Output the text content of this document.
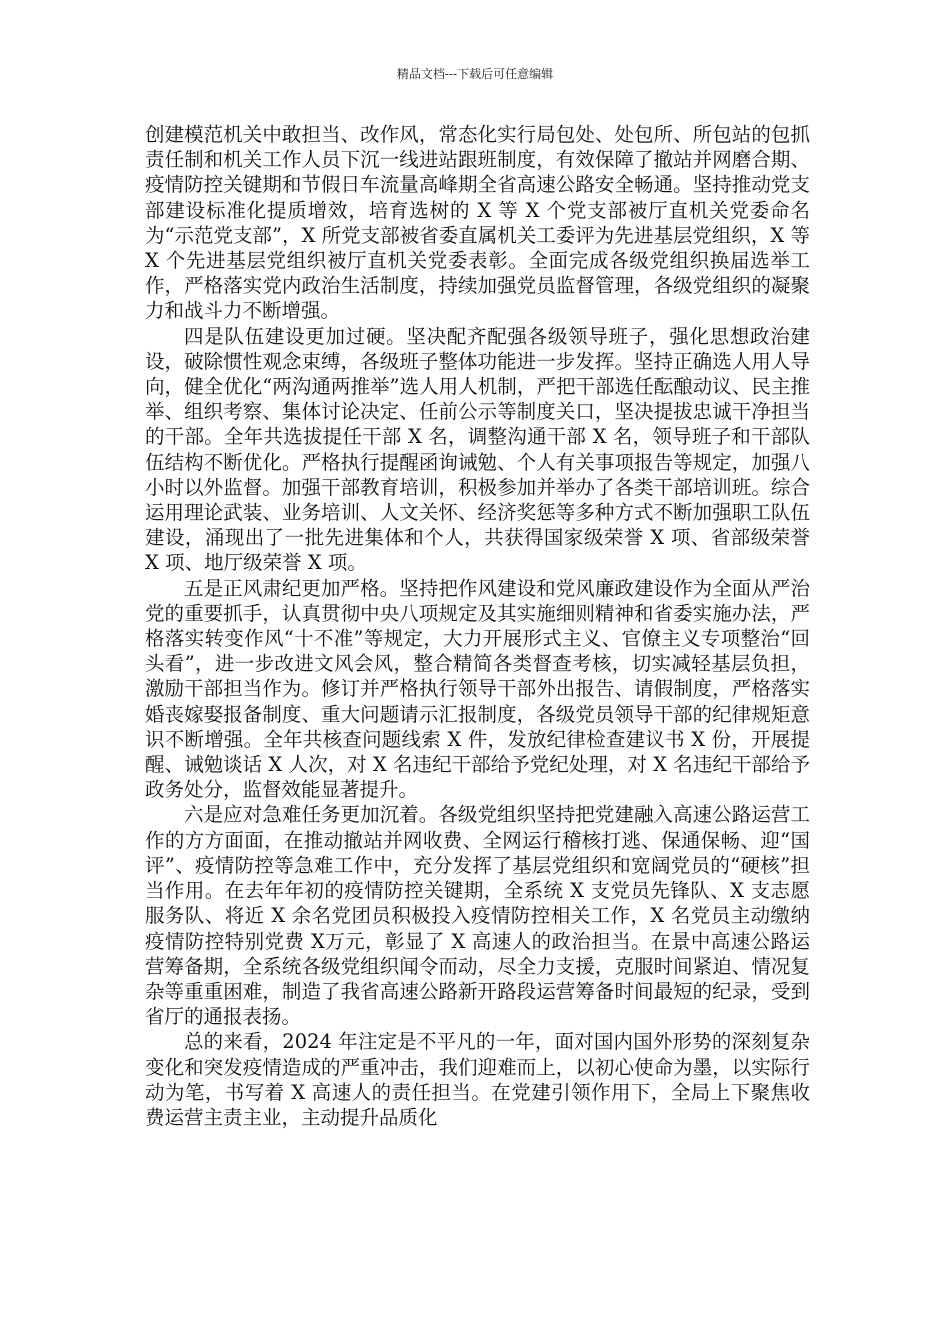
精品文档---下载后可任意编辑

创建模范机关中敢担当、改作风，常态化实行局包处、处包所、所包站的包抓责任制和机关工作人员下沉一线进站跟班制度，有效保障了撤站并网磨合期、疫情防控关键期和节假日车流量高峰期全省高速公路安全畅通。坚持推动党支部建设标准化提质增效，培育选树的 X 等 X 个党支部被厅直机关党委命名为“示范党支部”，X 所党支部被省委直属机关工委评为先进基层党组织，X 等 X 个先进基层党组织被厅直机关党委表彰。全面完成各级党组织换届选举工作，严格落实党内政治生活制度，持续加强党员监督管理，各级党组织的凝聚力和战斗力不断增强。

四是队伍建设更加过硬。坚决配齐配强各级领导班子，强化思想政治建设，破除惯性观念束缚，各级班子整体功能进一步发挥。坚持正确选人用人导向，健全优化“两沟通两推举”选人用人机制，严把干部选任酝酿动议、民主推举、组织考察、集体讨论决定、任前公示等制度关口，坚决提拔忠诚干净担当的干部。全年共选拔提任干部 X 名，调整沟通干部 X 名，领导班子和干部队伍结构不断优化。严格执行提醒函询诫勉、个人有关事项报告等规定，加强八小时以外监督。加强干部教育培训，积极参加并举办了各类干部培训班。综合运用理论武装、业务培训、人文关怀、经济奖惩等多种方式不断加强职工队伍建设，涌现出了一批先进集体和个人，共获得国家级荣誉 X 项、省部级荣誉 X 项、地厅级荣誉 X 项。

五是正风肃纪更加严格。坚持把作风建设和党风廉政建设作为全面从严治党的重要抓手，认真贯彻中央八项规定及其实施细则精神和省委实施办法，严格落实转变作风“十不准”等规定，大力开展形式主义、官僚主义专项整治“回头看”，进一步改进文风会风，整合精简各类督查考核，切实减轻基层负担，激励干部担当作为。修订并严格执行领导干部外出报告、请假制度，严格落实婚丧嫁娶报备制度、重大问题请示汇报制度，各级党员领导干部的纪律规矩意识不断增强。全年共核查问题线索 X 件，发放纪律检查建议书 X 份，开展提醒、诫勉谈话 X 人次，对 X 名违纪干部给予党纪处理，对 X 名违纪干部给予政务处分，监督效能显著提升。

六是应对急难任务更加沉着。各级党组织坚持把党建融入高速公路运营工作的方方面面，在推动撤站并网收费、全网运行稽核打逃、保通保畅、迎“国评”、疫情防控等急难工作中，充分发挥了基层党组织和宽阔党员的“硬核”担当作用。在去年年初的疫情防控关键期，全系统 X 支党员先锋队、X 支志愿服务队、将近 X 余名党团员积极投入疫情防控相关工作，X 名党员主动缴纳疫情防控特别党费 X万元，彰显了 X 高速人的政治担当。在景中高速公路运营筹备期，全系统各级党组织闻令而动，尽全力支援，克服时间紧迫、情况复杂等重重困难，制造了我省高速公路新开路段运营筹备时间最短的纪录，受到省厅的通报表扬。

总的来看，2024 年注定是不平凡的一年，面对国内国外形势的深刻复杂变化和突发疫情造成的严重冲击，我们迎难而上，以初心使命为墨，以实际行动为笔，书写着 X 高速人的责任担当。在党建引领作用下，全局上下聚焦收费运营主责主业，主动提升品质化
